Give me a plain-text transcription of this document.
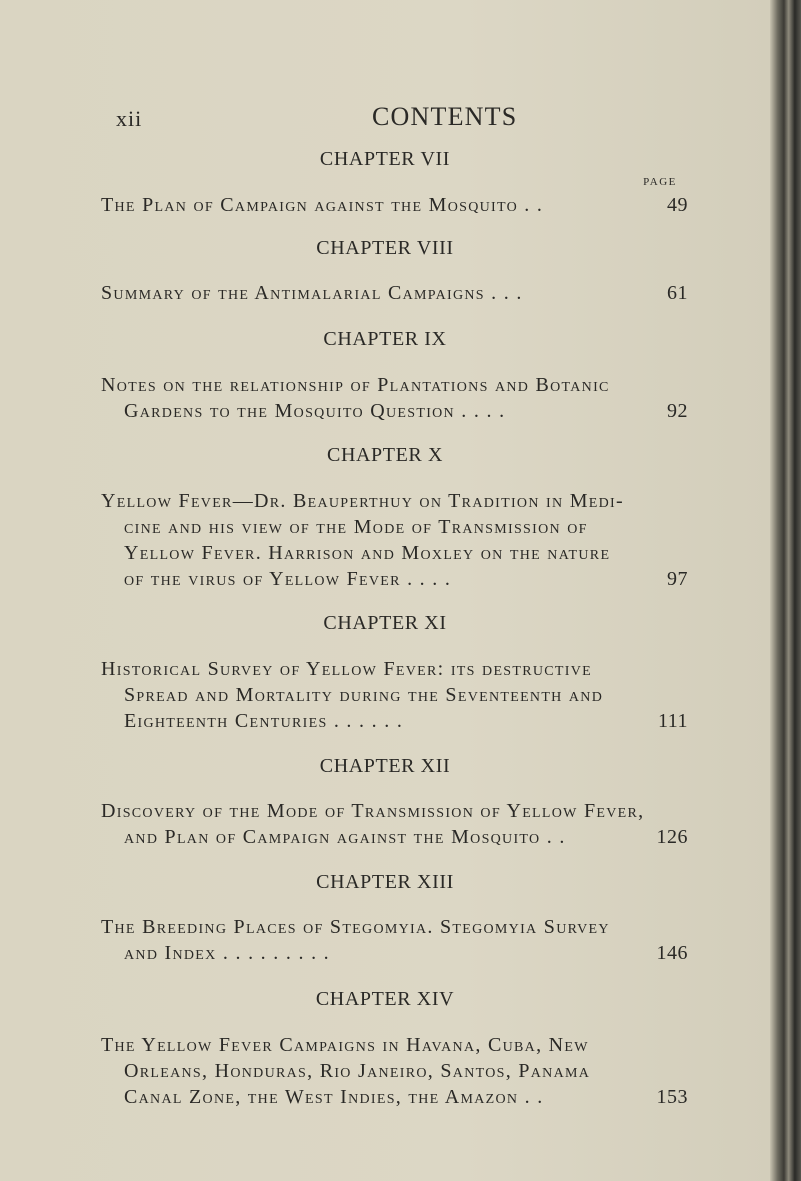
xii	CONTENTS
PAGE
CHAPTER VII
The Plan of Campaign against the Mosquito . .	49
CHAPTER VIII
Summary of the Antimalarial Campaigns . . .	61
CHAPTER IX
Notes on the relationship of Plantations and Botanic
Gardens to the Mosquito Question . . . .	92
CHAPTER X
Yellow Fever—Dr. Beauperthuy on Tradition in Medi-
cine and his view of the Mode of Transmission of
Yellow Fever. Harrison and Moxley on the nature
of the virus of Yellow Fever . . . .	97
CHAPTER XI
Historical Survey of Yellow Fever: its destructive
Spread and Mortality during the Seventeenth and
Eighteenth Centuries . . . . . .	111
CHAPTER XII
Discovery of the Mode of Transmission of Yellow Fever,
and Plan of Campaign against the Mosquito . .	126
CHAPTER XIII
The Breeding Places of Stegomyia. Stegomyia Survey
and Index . . . . . . . . .	146
CHAPTER XIV
The Yellow Fever Campaigns in Havana, Cuba, New
Orleans, Honduras, Rio Janeiro, Santos, Panama
Canal Zone, the West Indies, the Amazon . .	153
